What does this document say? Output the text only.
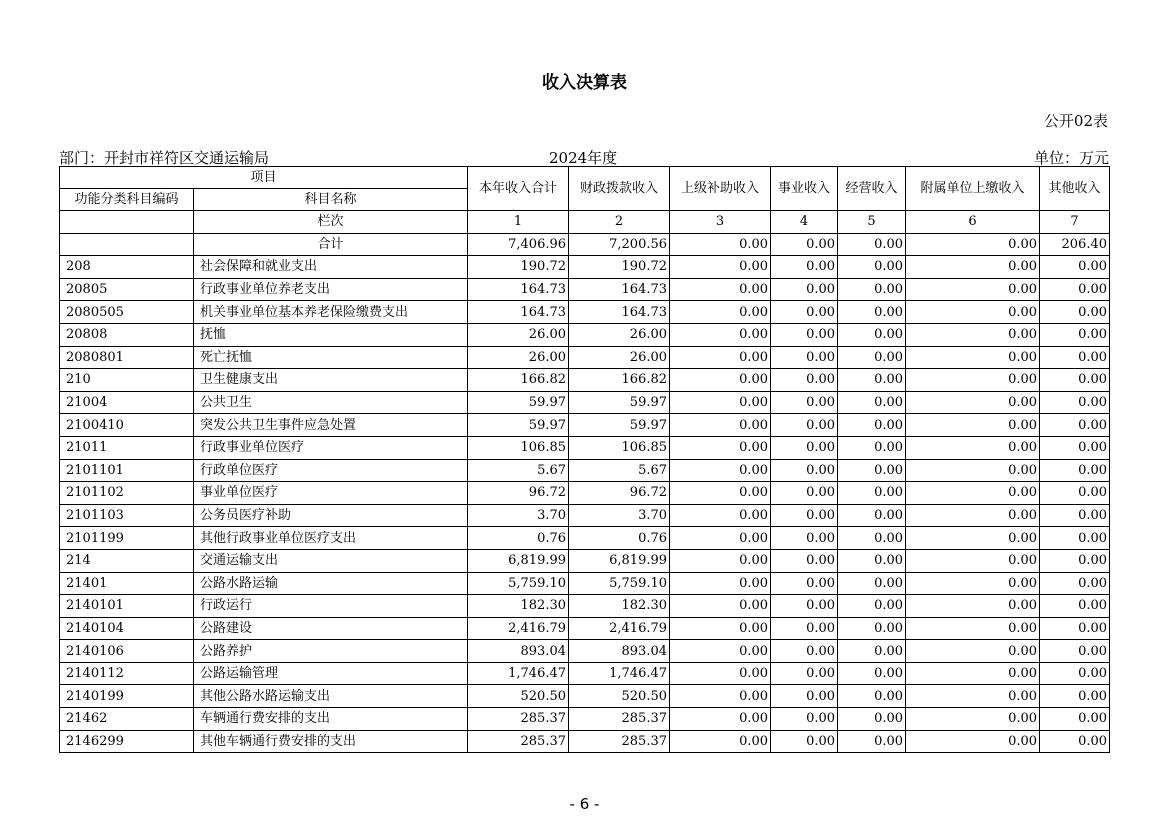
收入决算表
公开02表
部门：开封市祥符区交通运输局	2024年度	单位：万元
项目		本年收入合计	财政拨款收入	上级补助收入	事业收入	经营收入	附属单位上缴收入	其他收入
功能分类科目编码	科目名称							
	栏次	1	2	3	4	5	6	7
	合计	7,406.96	7,200.56	0.00	0.00	0.00	0.00	206.40
208	社会保障和就业支出	190.72	190.72	0.00	0.00	0.00	0.00	0.00
20805	行政事业单位养老支出	164.73	164.73	0.00	0.00	0.00	0.00	0.00
2080505	机关事业单位基本养老保险缴费支出	164.73	164.73	0.00	0.00	0.00	0.00	0.00
20808	抚恤	26.00	26.00	0.00	0.00	0.00	0.00	0.00
2080801	死亡抚恤	26.00	26.00	0.00	0.00	0.00	0.00	0.00
210	卫生健康支出	166.82	166.82	0.00	0.00	0.00	0.00	0.00
21004	公共卫生	59.97	59.97	0.00	0.00	0.00	0.00	0.00
2100410	突发公共卫生事件应急处置	59.97	59.97	0.00	0.00	0.00	0.00	0.00
21011	行政事业单位医疗	106.85	106.85	0.00	0.00	0.00	0.00	0.00
2101101	行政单位医疗	5.67	5.67	0.00	0.00	0.00	0.00	0.00
2101102	事业单位医疗	96.72	96.72	0.00	0.00	0.00	0.00	0.00
2101103	公务员医疗补助	3.70	3.70	0.00	0.00	0.00	0.00	0.00
2101199	其他行政事业单位医疗支出	0.76	0.76	0.00	0.00	0.00	0.00	0.00
214	交通运输支出	6,819.99	6,819.99	0.00	0.00	0.00	0.00	0.00
21401	公路水路运输	5,759.10	5,759.10	0.00	0.00	0.00	0.00	0.00
2140101	行政运行	182.30	182.30	0.00	0.00	0.00	0.00	0.00
2140104	公路建设	2,416.79	2,416.79	0.00	0.00	0.00	0.00	0.00
2140106	公路养护	893.04	893.04	0.00	0.00	0.00	0.00	0.00
2140112	公路运输管理	1,746.47	1,746.47	0.00	0.00	0.00	0.00	0.00
2140199	其他公路水路运输支出	520.50	520.50	0.00	0.00	0.00	0.00	0.00
21462	车辆通行费安排的支出	285.37	285.37	0.00	0.00	0.00	0.00	0.00
2146299	其他车辆通行费安排的支出	285.37	285.37	0.00	0.00	0.00	0.00	0.00
- 6 -
